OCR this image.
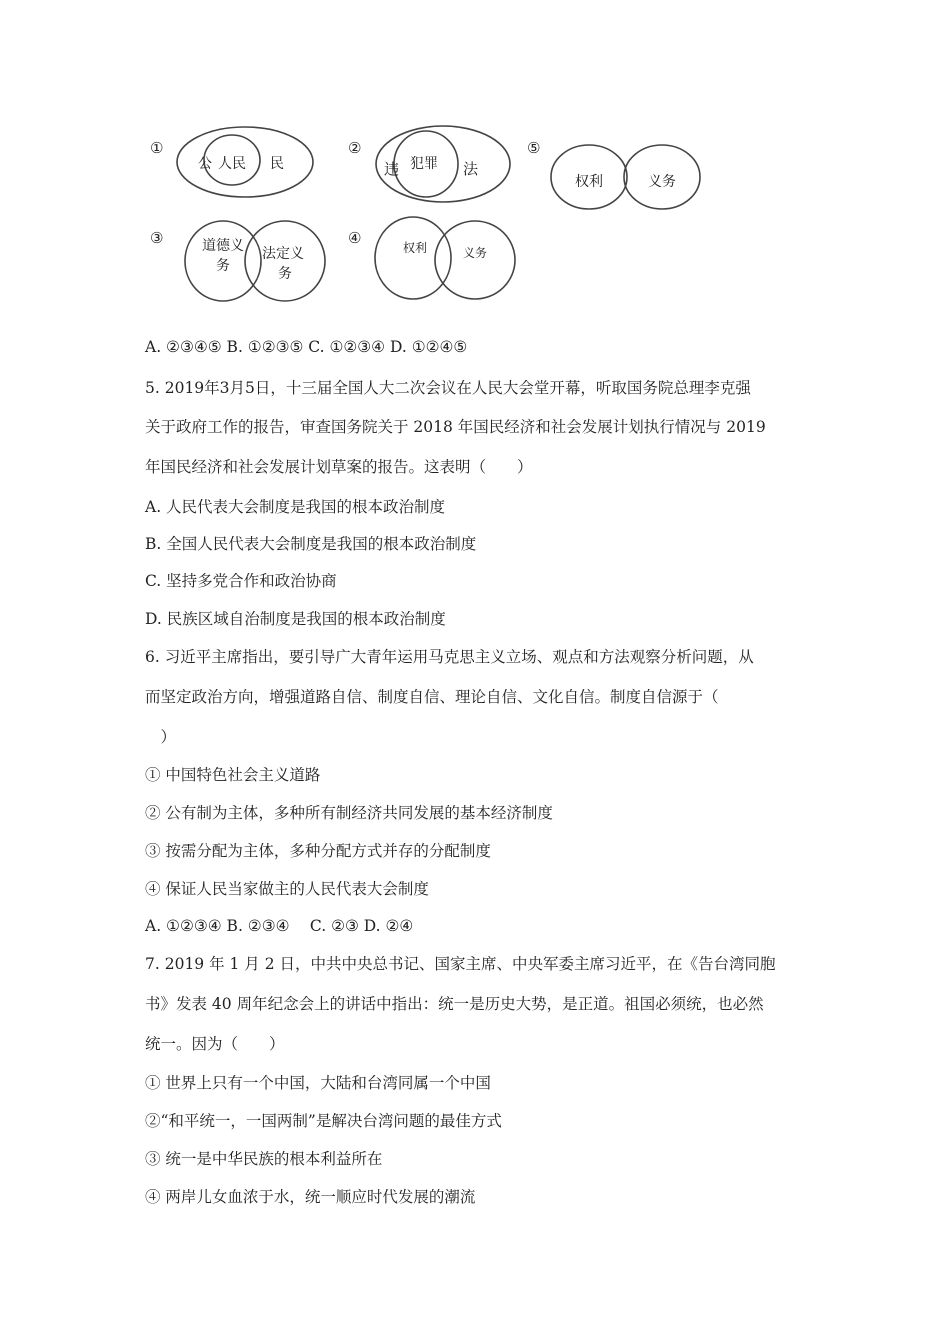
①	②	⑤
③	④
公 人民 民	违 犯罪 法
权利	义务
道德义
务
法定义
务
权利	义务
A. ②③④⑤ B. ①②③⑤ C. ①②③④ D. ①②④⑤
5. 2019年3月5日，十三届全国人大二次会议在人民大会堂开幕，听取国务院总理李克强
关于政府工作的报告，审查国务院关于 2018 年国民经济和社会发展计划执行情况与 2019
年国民经济和社会发展计划草案的报告。这表明（　　）
A. 人民代表大会制度是我国的根本政治制度
B. 全国人民代表大会制度是我国的根本政治制度
C. 坚持多党合作和政治协商
D. 民族区域自治制度是我国的根本政治制度
6. 习近平主席指出，要引导广大青年运用马克思主义立场、观点和方法观察分析问题，从
而坚定政治方向，增强道路自信、制度自信、理论自信、文化自信。制度自信源于（
　）
① 中国特色社会主义道路
② 公有制为主体，多种所有制经济共同发展的基本经济制度
③ 按需分配为主体，多种分配方式并存的分配制度
④ 保证人民当家做主的人民代表大会制度
A. ①②③④ B. ②③④　 C. ②③ D. ②④
7. 2019 年 1 月 2 日，中共中央总书记、国家主席、中央军委主席习近平，在《告台湾同胞
书》发表 40 周年纪念会上的讲话中指出：统一是历史大势，是正道。祖国必须统，也必然
统一。因为（　　）
① 世界上只有一个中国，大陆和台湾同属一个中国
②“和平统一，一国两制”是解决台湾问题的最佳方式
③ 统一是中华民族的根本利益所在
④ 两岸儿女血浓于水，统一顺应时代发展的潮流
